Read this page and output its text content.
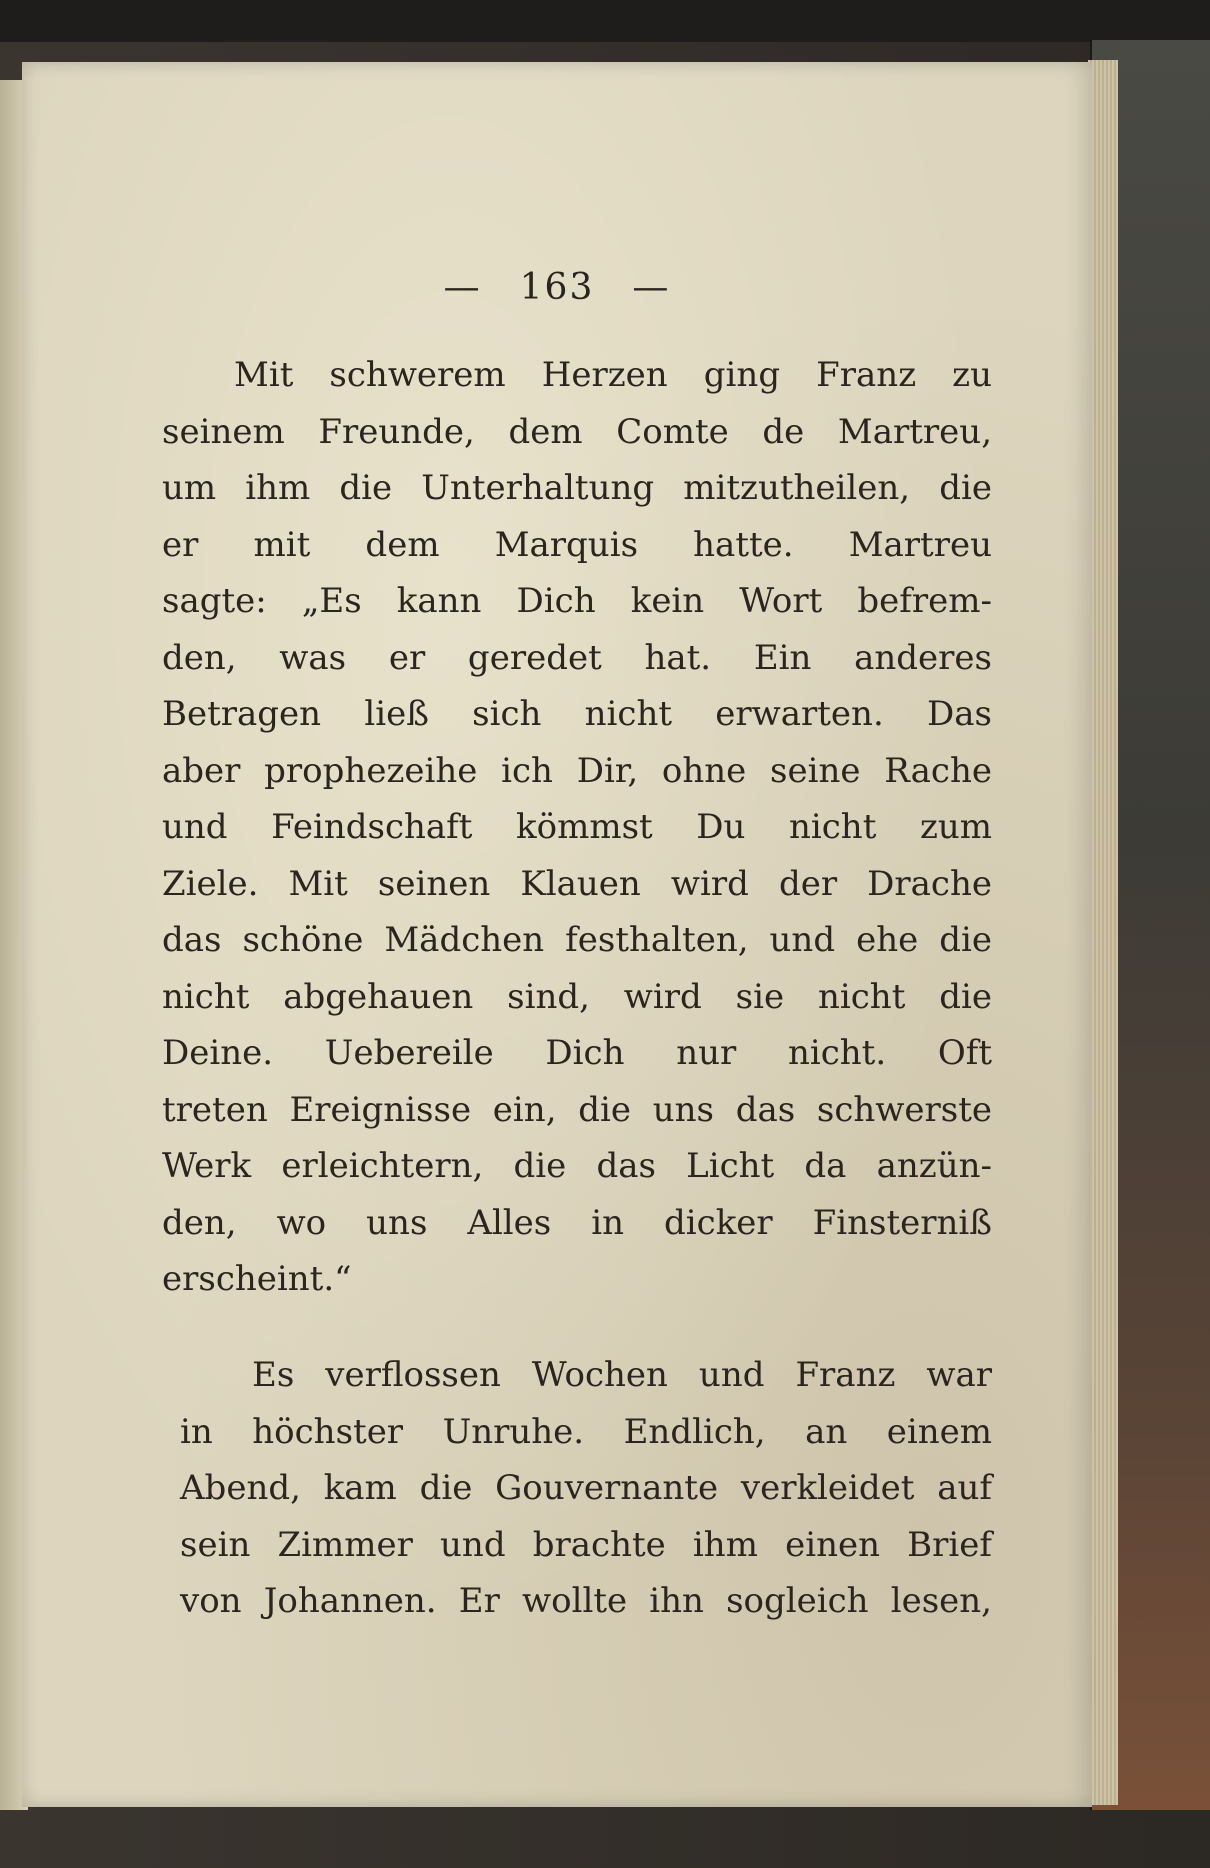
— 163 —
Mit schwerem Herzen ging Franz zu
seinem Freunde, dem Comte de Martreu,
um ihm die Unterhaltung mitzutheilen, die
er mit dem Marquis hatte. Martreu
sagte: „Es kann Dich kein Wort befrem-
den, was er geredet hat. Ein anderes
Betragen ließ sich nicht erwarten. Das
aber prophezeihe ich Dir, ohne seine Rache
und Feindschaft kömmst Du nicht zum
Ziele. Mit seinen Klauen wird der Drache
das schöne Mädchen festhalten, und ehe die
nicht abgehauen sind, wird sie nicht die
Deine. Uebereile Dich nur nicht. Oft
treten Ereignisse ein, die uns das schwerste
Werk erleichtern, die das Licht da anzün-
den, wo uns Alles in dicker Finsterniß
erscheint.“
Es verflossen Wochen und Franz war
in höchster Unruhe. Endlich, an einem
Abend, kam die Gouvernante verkleidet auf
sein Zimmer und brachte ihm einen Brief
von Johannen. Er wollte ihn sogleich lesen,
